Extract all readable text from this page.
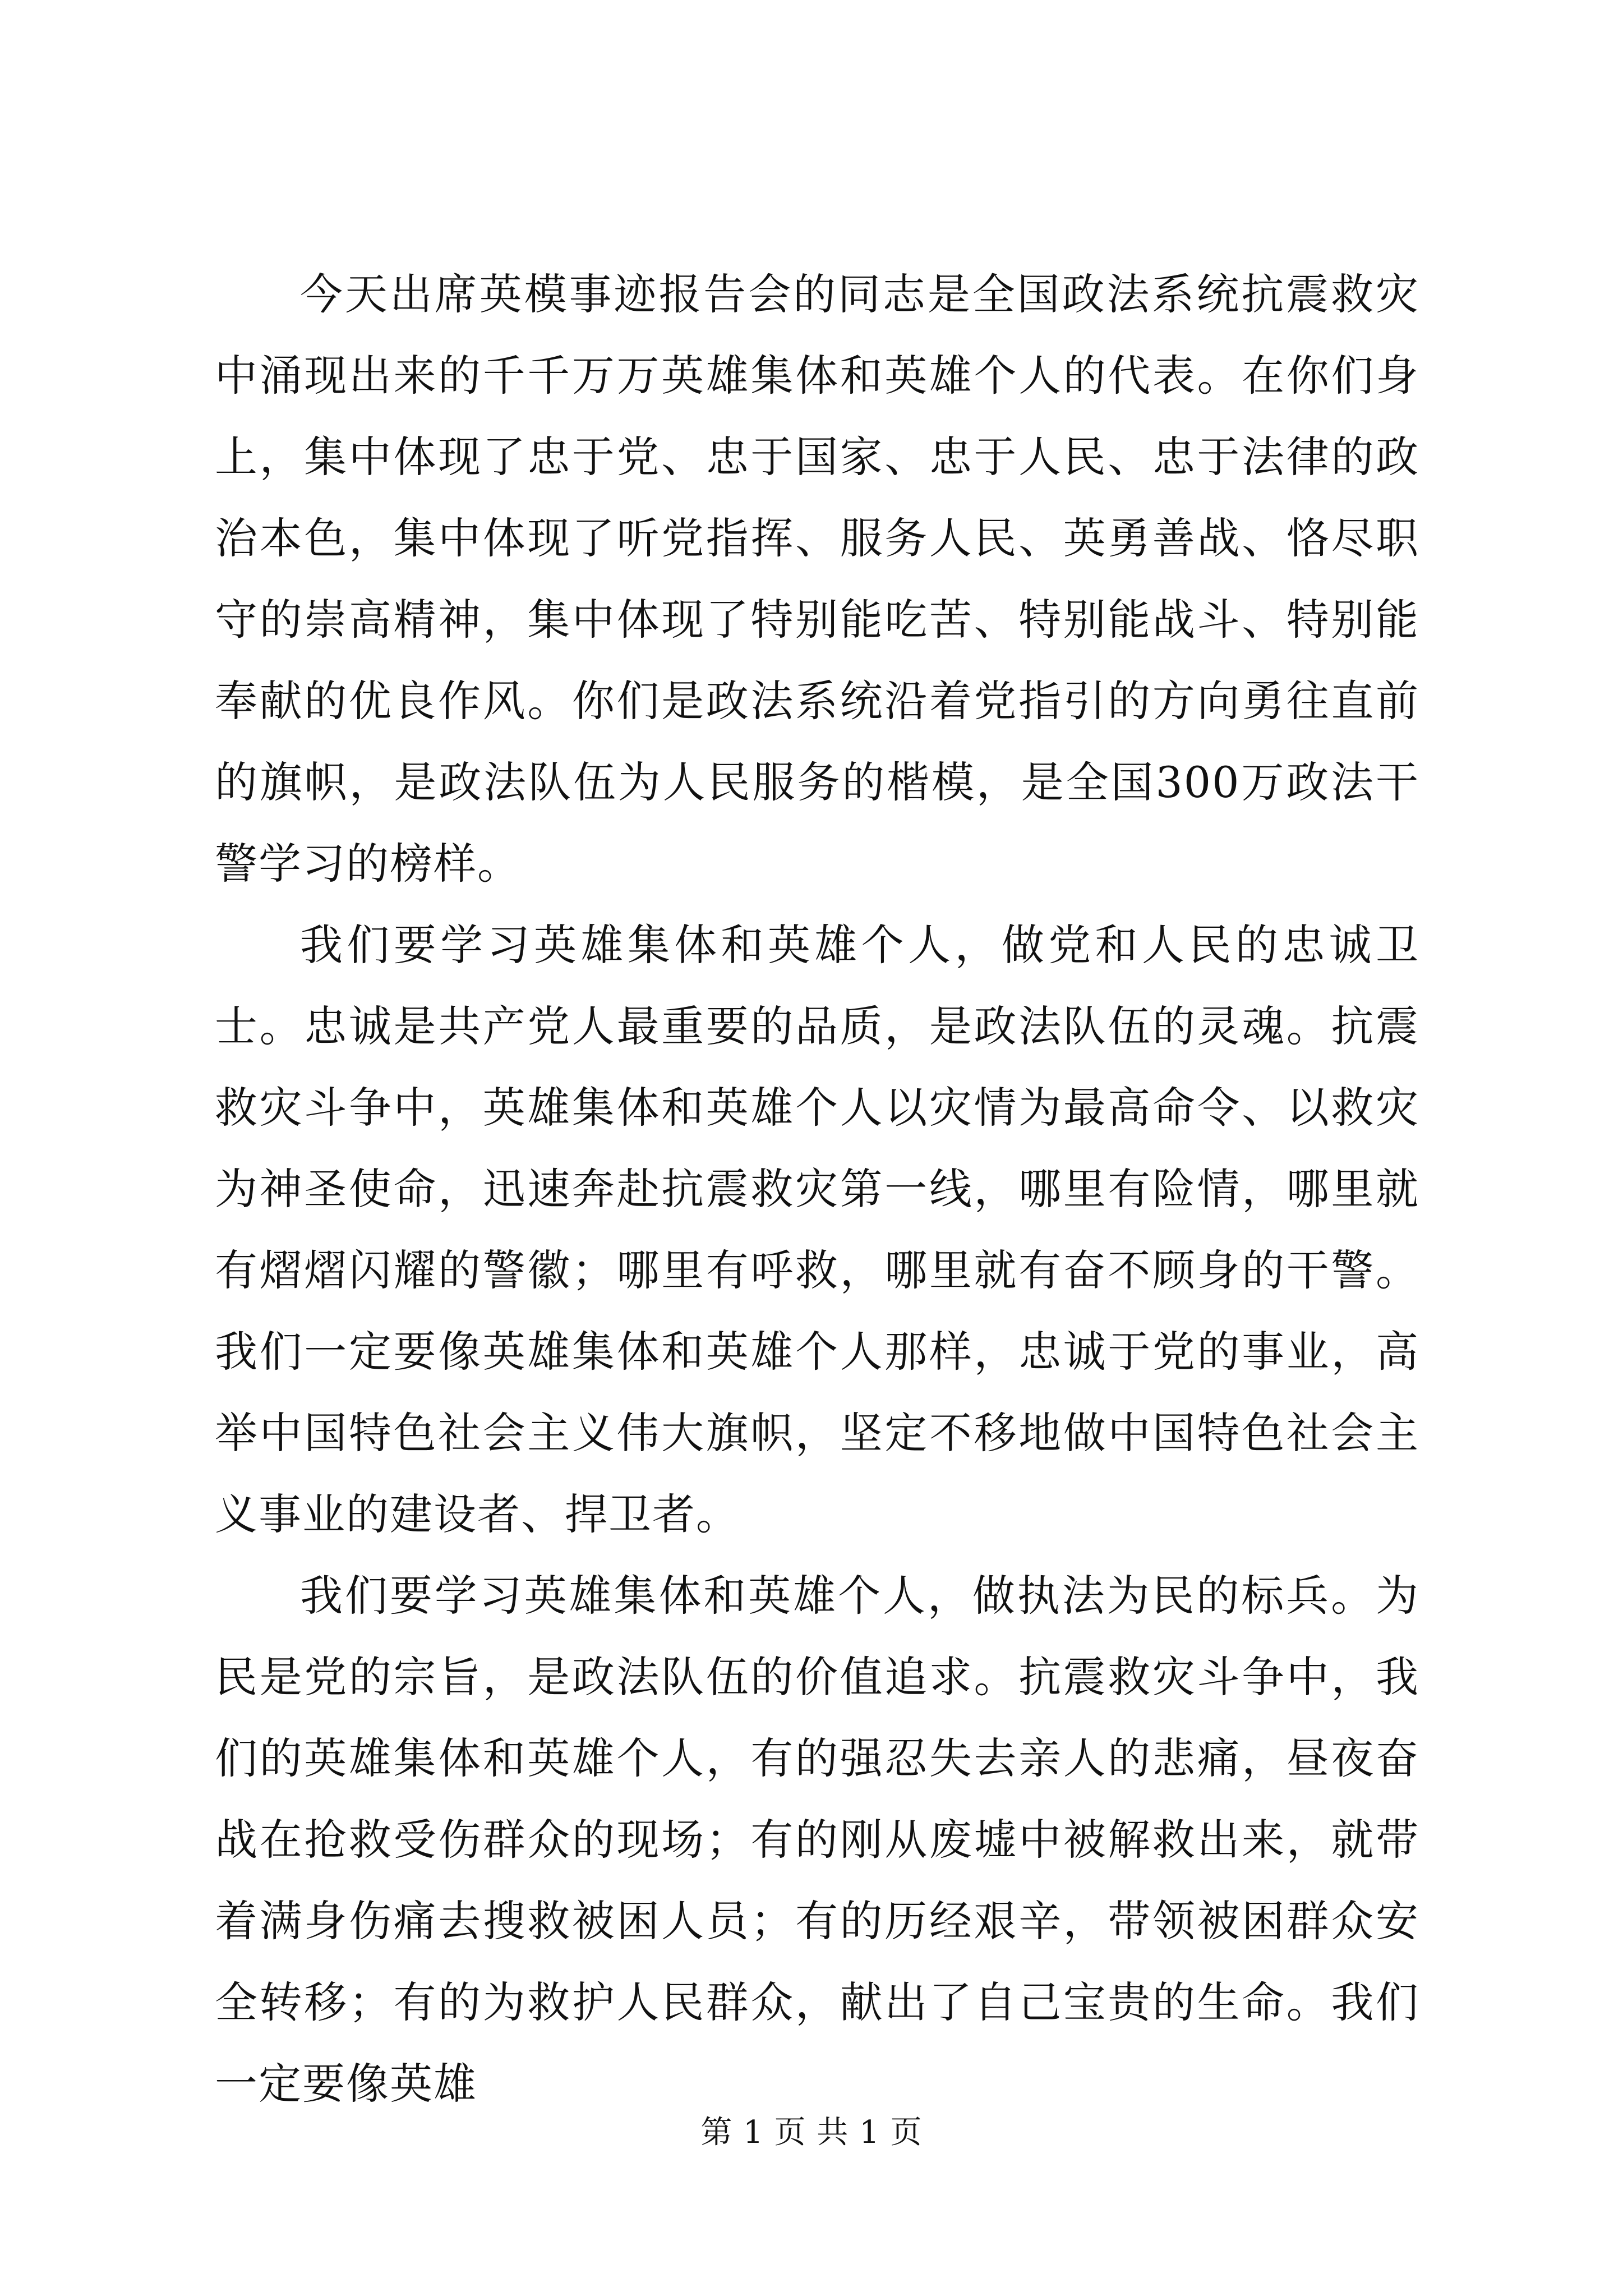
今天出席英模事迹报告会的同志是全国政法系统抗震救灾中涌现出来的千千万万英雄集体和英雄个人的代表。在你们身上，集中体现了忠于党、忠于国家、忠于人民、忠于法律的政治本色，集中体现了听党指挥、服务人民、英勇善战、恪尽职守的崇高精神，集中体现了特别能吃苦、特别能战斗、特别能奉献的优良作风。你们是政法系统沿着党指引的方向勇往直前的旗帜，是政法队伍为人民服务的楷模，是全国300万政法干警学习的榜样。

我们要学习英雄集体和英雄个人，做党和人民的忠诚卫士。忠诚是共产党人最重要的品质，是政法队伍的灵魂。抗震救灾斗争中，英雄集体和英雄个人以灾情为最高命令、以救灾为神圣使命，迅速奔赴抗震救灾第一线，哪里有险情，哪里就有熠熠闪耀的警徽；哪里有呼救，哪里就有奋不顾身的干警。我们一定要像英雄集体和英雄个人那样，忠诚于党的事业，高举中国特色社会主义伟大旗帜，坚定不移地做中国特色社会主义事业的建设者、捍卫者。

我们要学习英雄集体和英雄个人，做执法为民的标兵。为民是党的宗旨，是政法队伍的价值追求。抗震救灾斗争中，我们的英雄集体和英雄个人，有的强忍失去亲人的悲痛，昼夜奋战在抢救受伤群众的现场；有的刚从废墟中被解救出来，就带着满身伤痛去搜救被困人员；有的历经艰辛，带领被困群众安全转移；有的为救护人民群众，献出了自己宝贵的生命。我们一定要像英雄

第 1 页 共 1 页
